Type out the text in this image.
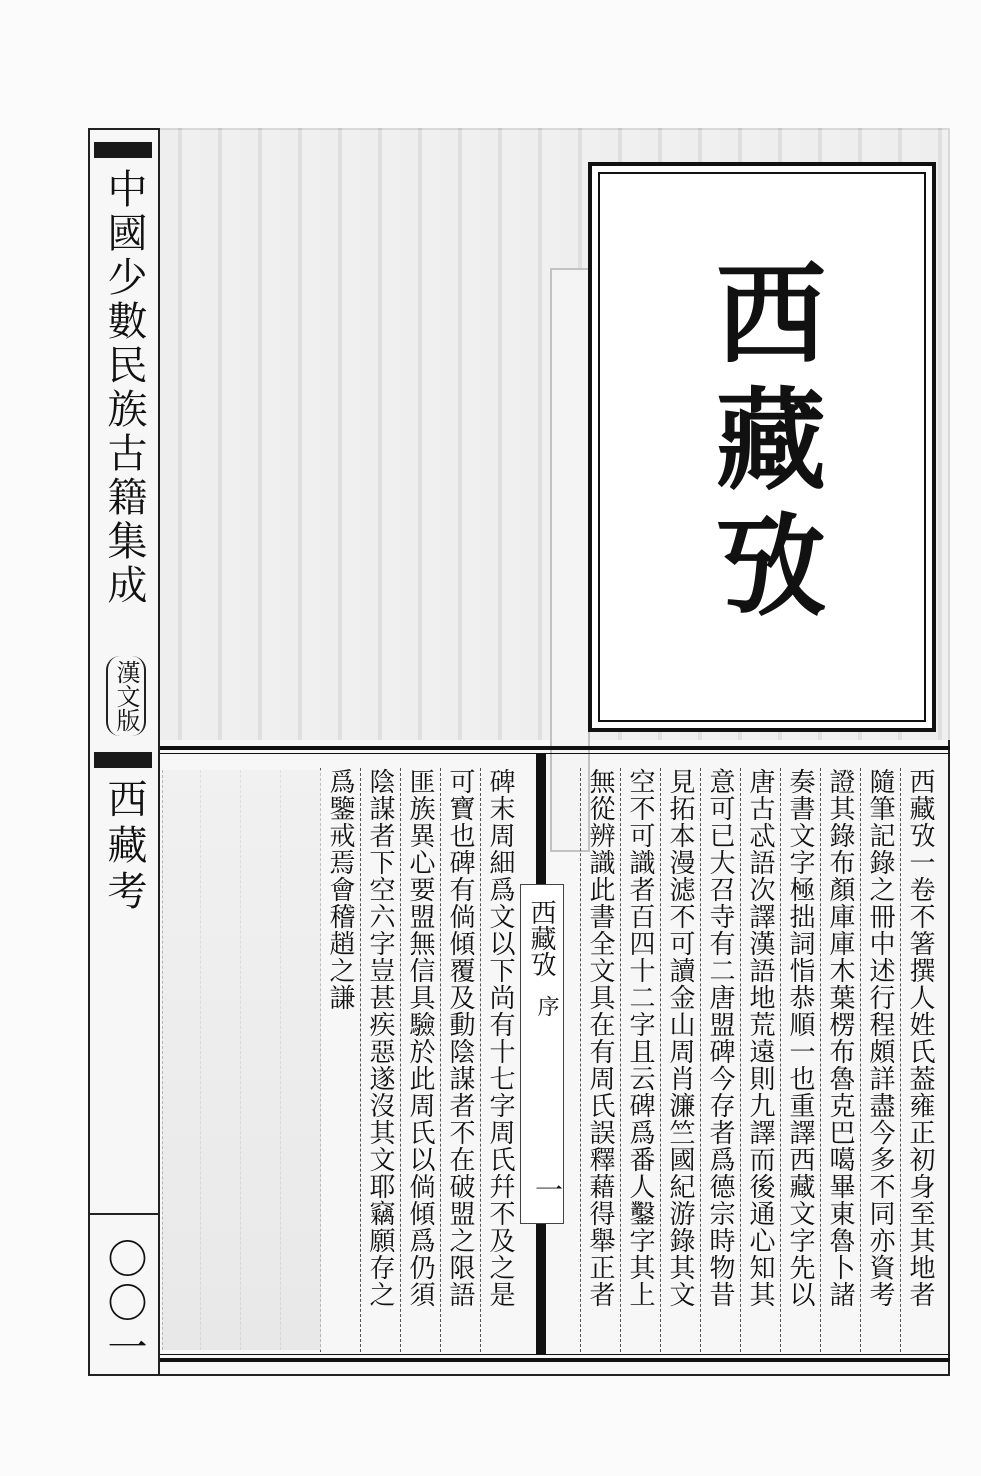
中國少數民族古籍集成
漢文版
西藏考
〇〇一
西藏攷
西藏攷一卷不箸撰人姓氏葢雍正初身至其地者
隨筆記錄之冊中述行程頗詳盡今多不同亦資考
證其錄布顏庫庫木葉楞布魯克巴噶畢東魯卜諸
奏書文字極拙詞恉恭順一也重譯西藏文字先以
唐古忒語次譯漢語地荒遠則九譯而後通心知其
意可已大召寺有二唐盟碑今存者爲德宗時物昔
見拓本漫滤不可讀金山周肖濂竺國紀游錄其文
空不可識者百四十二字且云碑爲番人鑿字其上
無從辨識此書全文具在有周氏誤釋藉得舉正者
西藏攷
序
一
碑末周細爲文以下尚有十七字周氏幷不及之是
可寶也碑有倘傾覆及動陰謀者不在破盟之限語
匪族異心要盟無信具驗於此周氏以倘傾爲仍須
陰謀者下空六字豈甚疾惡遂沒其文耶竊願存之
爲鑒戒焉會稽趙之謙
